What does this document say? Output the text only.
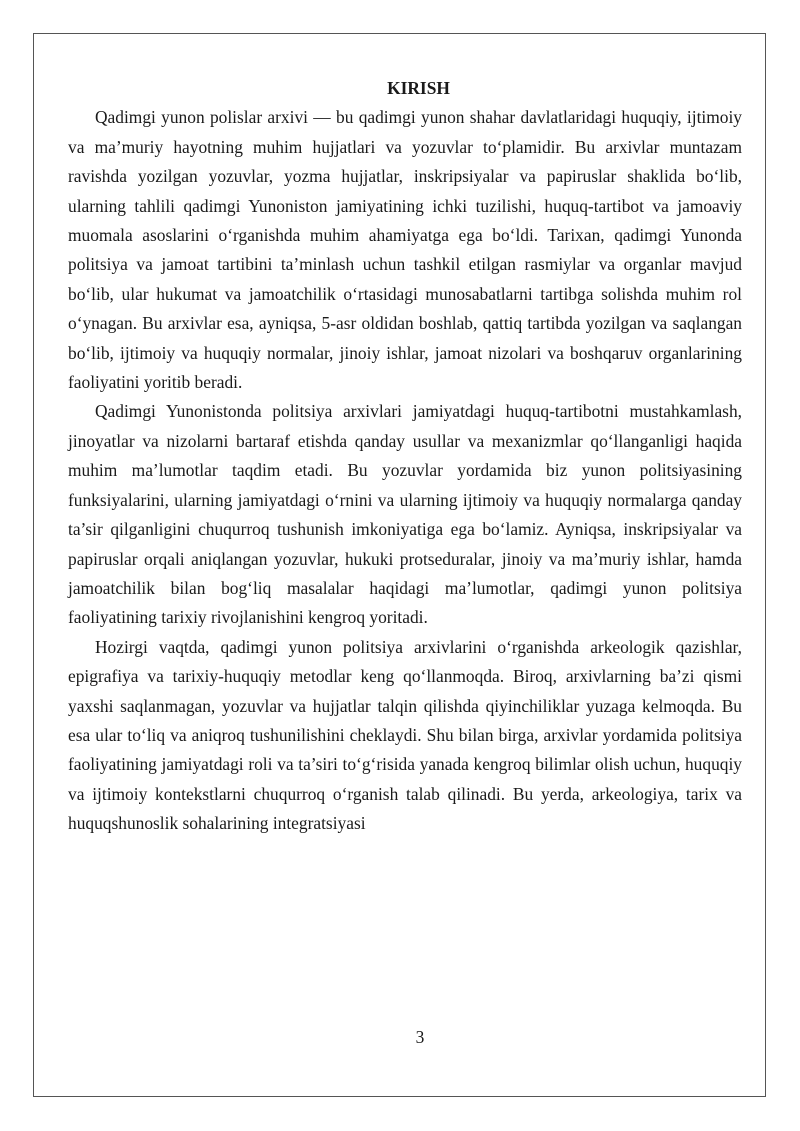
KIRISH

Qadimgi yunon polislar arxivi — bu qadimgi yunon shahar davlatlaridagi huquqiy, ijtimoiy va ma’muriy hayotning muhim hujjatlari va yozuvlar to‘plamidir. Bu arxivlar muntazam ravishda yozilgan yozuvlar, yozma hujjatlar, inskripsiyalar va papiruslar shaklida bo‘lib, ularning tahlili qadimgi Yunoniston jamiyatining ichki tuzilishi, huquq-tartibot va jamoaviy muomala asoslarini o‘rganishda muhim ahamiyatga ega bo‘ldi. Tarixan, qadimgi Yunonda politsiya va jamoat tartibini ta’minlash uchun tashkil etilgan rasmiylar va organlar mavjud bo‘lib, ular hukumat va jamoatchilik o‘rtasidagi munosabatlarni tartibga solishda muhim rol o‘ynagan. Bu arxivlar esa, ayniqsa, 5-asr oldidan boshlab, qattiq tartibda yozilgan va saqlangan bo‘lib, ijtimoiy va huquqiy normalar, jinoiy ishlar, jamoat nizolari va boshqaruv organlarining faoliyatini yoritib beradi.

Qadimgi Yunonistonda politsiya arxivlari jamiyatdagi huquq-tartibotni mustahkamlash, jinoyatlar va nizolarni bartaraf etishda qanday usullar va mexanizmlar qo‘llanganligi haqida muhim ma’lumotlar taqdim etadi. Bu yozuvlar yordamida biz yunon politsiyasining funksiyalarini, ularning jamiyatdagi o‘rnini va ularning ijtimoiy va huquqiy normalarga qanday ta’sir qilganligini chuqurroq tushunish imkoniyatiga ega bo‘lamiz. Ayniqsa, inskripsiyalar va papiruslar orqali aniqlangan yozuvlar, hukuki protseduralar, jinoiy va ma’muriy ishlar, hamda jamoatchilik bilan bog‘liq masalalar haqidagi ma’lumotlar, qadimgi yunon politsiya faoliyatining tarixiy rivojlanishini kengroq yoritadi.

Hozirgi vaqtda, qadimgi yunon politsiya arxivlarini o‘rganishda arkeologik qazishlar, epigrafiya va tarixiy-huquqiy metodlar keng qo‘llanmoqda. Biroq, arxivlarning ba’zi qismi yaxshi saqlanmagan, yozuvlar va hujjatlar talqin qilishda qiyinchiliklar yuzaga kelmoqda. Bu esa ular to‘liq va aniqroq tushunilishini cheklaydi. Shu bilan birga, arxivlar yordamida politsiya faoliyatining jamiyatdagi roli va ta’siri to‘g‘risida yanada kengroq bilimlar olish uchun, huquqiy va ijtimoiy kontekstlarni chuqurroq o‘rganish talab qilinadi. Bu yerda, arkeologiya, tarix va huquqshunoslik sohalarining integratsiyasi

3
